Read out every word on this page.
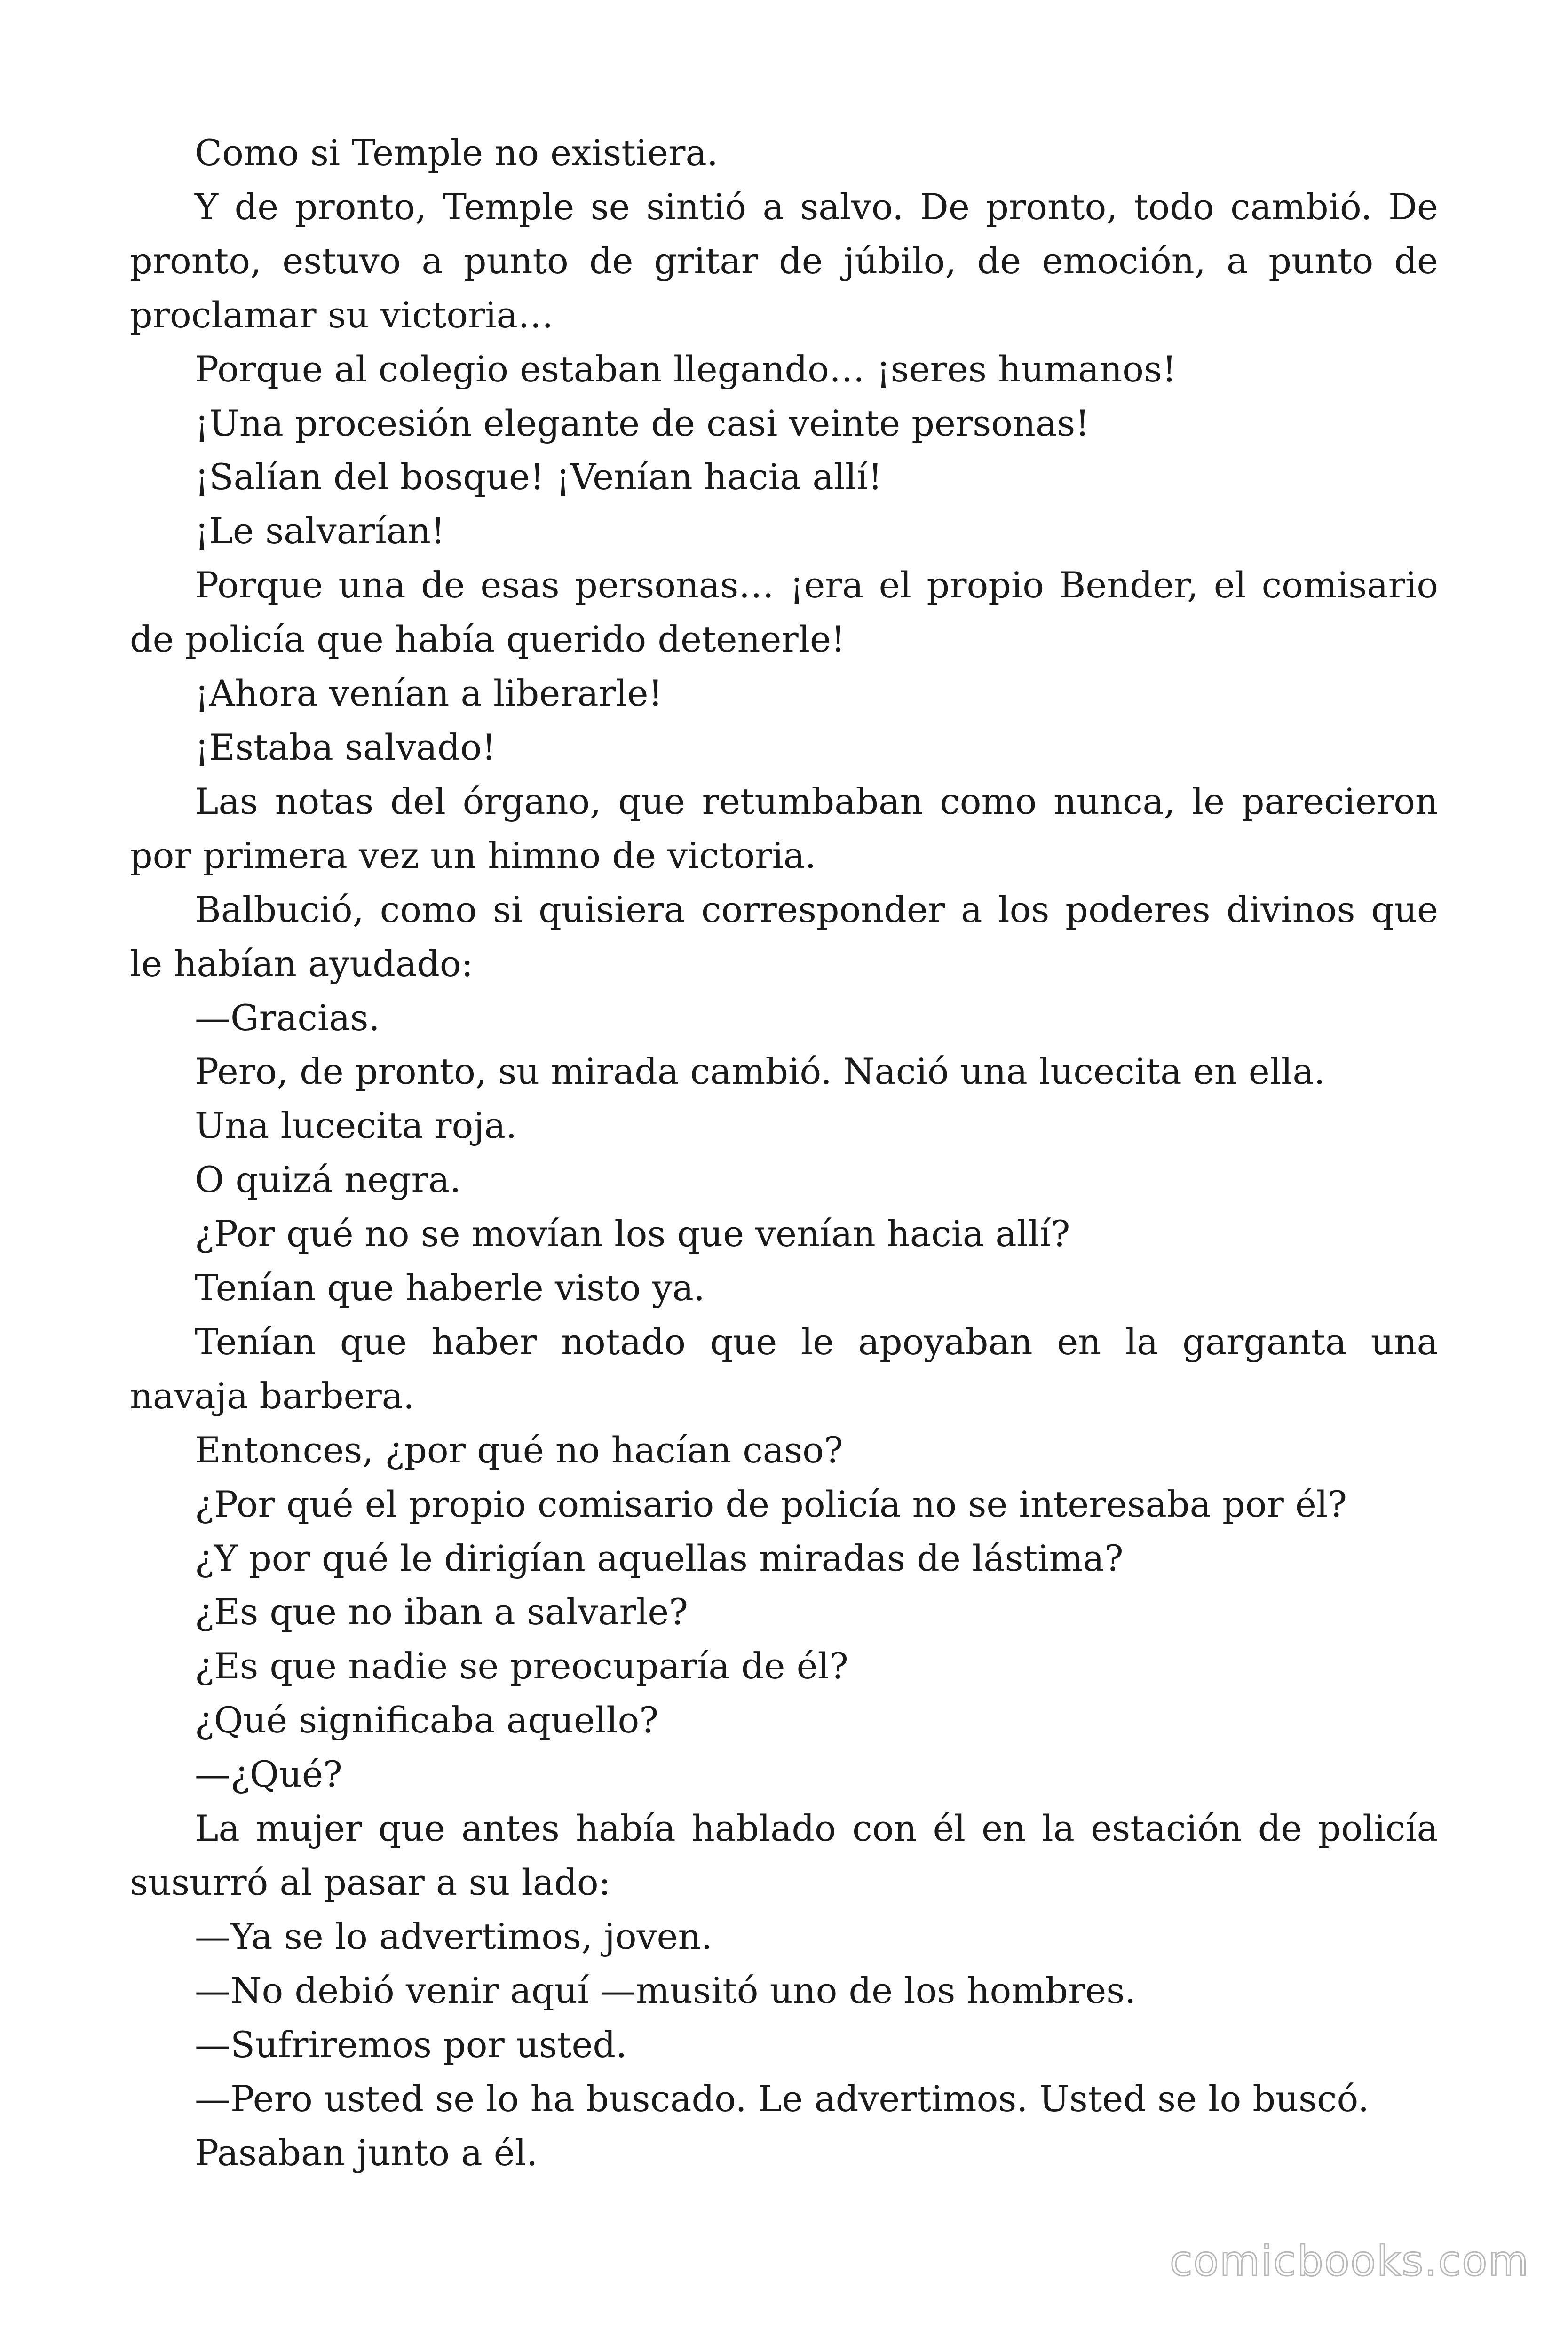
Como si Temple no existiera.

Y de pronto, Temple se sintió a salvo. De pronto, todo cambió. De pronto, estuvo a punto de gritar de júbilo, de emoción, a punto de proclamar su victoria…

Porque al colegio estaban llegando… ¡seres humanos!

¡Una procesión elegante de casi veinte personas!

¡Salían del bosque! ¡Venían hacia allí!

¡Le salvarían!

Porque una de esas personas… ¡era el propio Bender, el comisario de policía que había querido detenerle!

¡Ahora venían a liberarle!

¡Estaba salvado!

Las notas del órgano, que retumbaban como nunca, le parecieron por primera vez un himno de victoria.

Balbució, como si quisiera corresponder a los poderes divinos que le habían ayudado:

—Gracias.

Pero, de pronto, su mirada cambió. Nació una lucecita en ella.

Una lucecita roja.

O quizá negra.

¿Por qué no se movían los que venían hacia allí?

Tenían que haberle visto ya.

Tenían que haber notado que le apoyaban en la garganta una navaja barbera.

Entonces, ¿por qué no hacían caso?

¿Por qué el propio comisario de policía no se interesaba por él?

¿Y por qué le dirigían aquellas miradas de lástima?

¿Es que no iban a salvarle?

¿Es que nadie se preocuparía de él?

¿Qué significaba aquello?

—¿Qué?

La mujer que antes había hablado con él en la estación de policía susurró al pasar a su lado:

—Ya se lo advertimos, joven.

—No debió venir aquí —musitó uno de los hombres.

—Sufriremos por usted.

—Pero usted se lo ha buscado. Le advertimos. Usted se lo buscó.

Pasaban junto a él.

comicbooks.com
